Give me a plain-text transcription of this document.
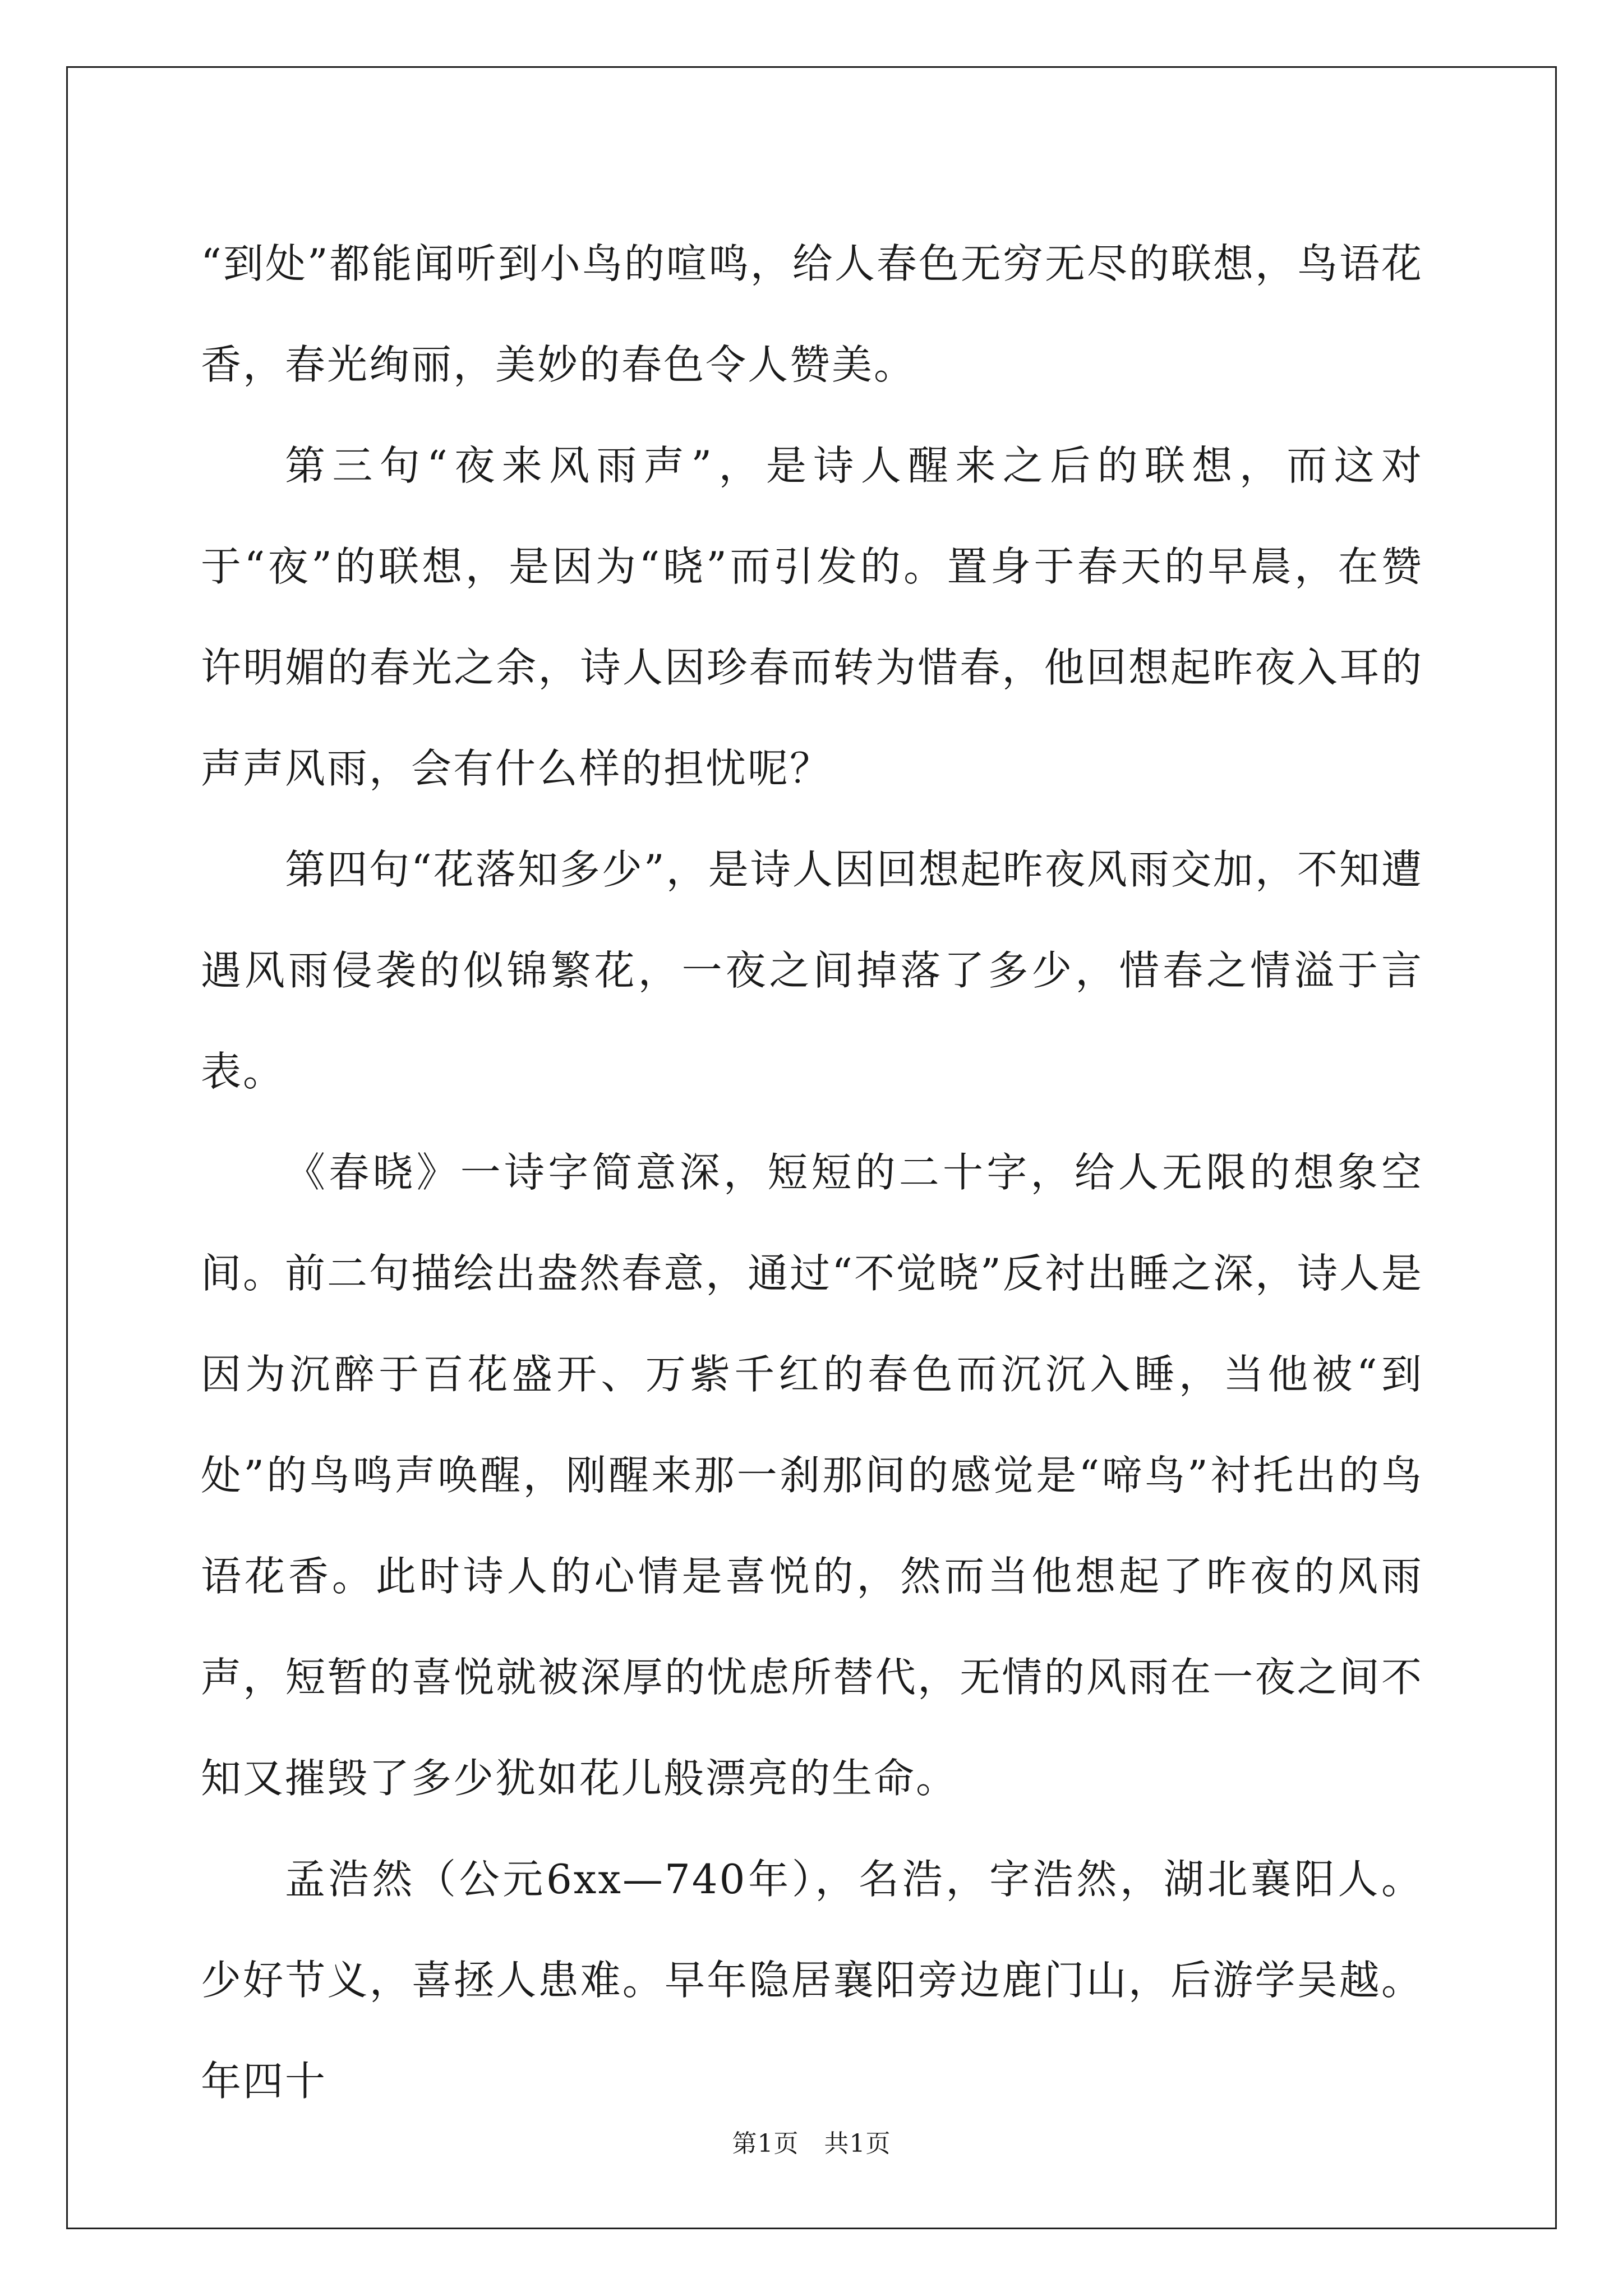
“到处”都能闻听到小鸟的喧鸣，给人春色无穷无尽的联想，鸟语花香，春光绚丽，美妙的春色令人赞美。

第三句“夜来风雨声”，是诗人醒来之后的联想，而这对于“夜”的联想，是因为“晓”而引发的。置身于春天的早晨，在赞许明媚的春光之余，诗人因珍春而转为惜春，他回想起昨夜入耳的声声风雨，会有什么样的担忧呢？

第四句“花落知多少”，是诗人因回想起昨夜风雨交加，不知遭遇风雨侵袭的似锦繁花，一夜之间掉落了多少，惜春之情溢于言表。

《春晓》一诗字简意深，短短的二十字，给人无限的想象空间。前二句描绘出盎然春意，通过“不觉晓”反衬出睡之深，诗人是因为沉醉于百花盛开、万紫千红的春色而沉沉入睡，当他被“到处”的鸟鸣声唤醒，刚醒来那一刹那间的感觉是“啼鸟”衬托出的鸟语花香。此时诗人的心情是喜悦的，然而当他想起了昨夜的风雨声，短暂的喜悦就被深厚的忧虑所替代，无情的风雨在一夜之间不知又摧毁了多少犹如花儿般漂亮的生命。

孟浩然（公元6xx—740年），名浩，字浩然，湖北襄阳人。少好节义，喜拯人患难。早年隐居襄阳旁边鹿门山，后游学吴越。年四十

第1页　共1页
